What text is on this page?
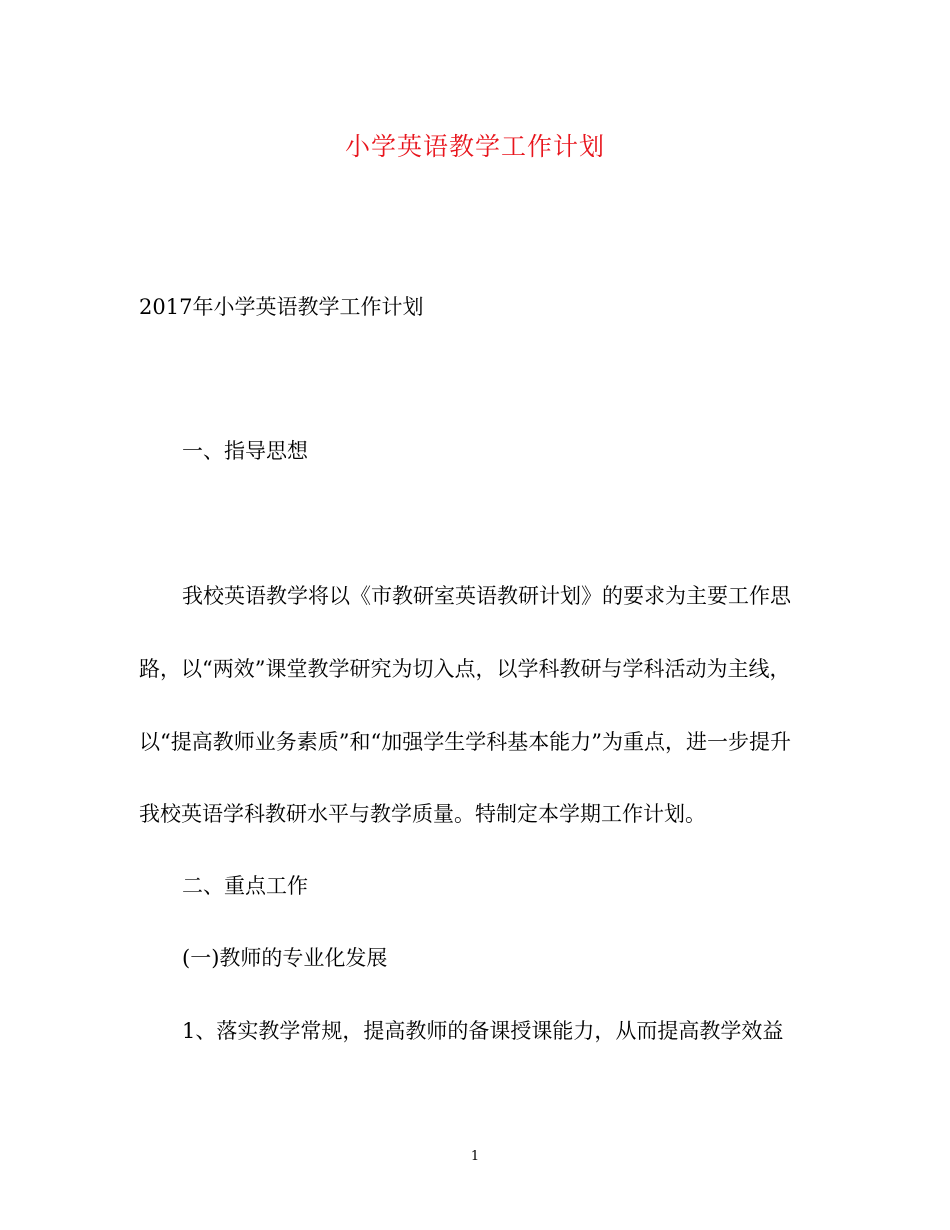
小学英语教学工作计划
2017年小学英语教学工作计划
一、指导思想
我校英语教学将以《市教研室英语教研计划》的要求为主要工作思
路，以“两效”课堂教学研究为切入点，以学科教研与学科活动为主线，
以“提高教师业务素质”和“加强学生学科基本能力”为重点，进一步提升
我校英语学科教研水平与教学质量。特制定本学期工作计划。
二、重点工作
(一)教师的专业化发展
1、落实教学常规，提高教师的备课授课能力，从而提高教学效益
1
